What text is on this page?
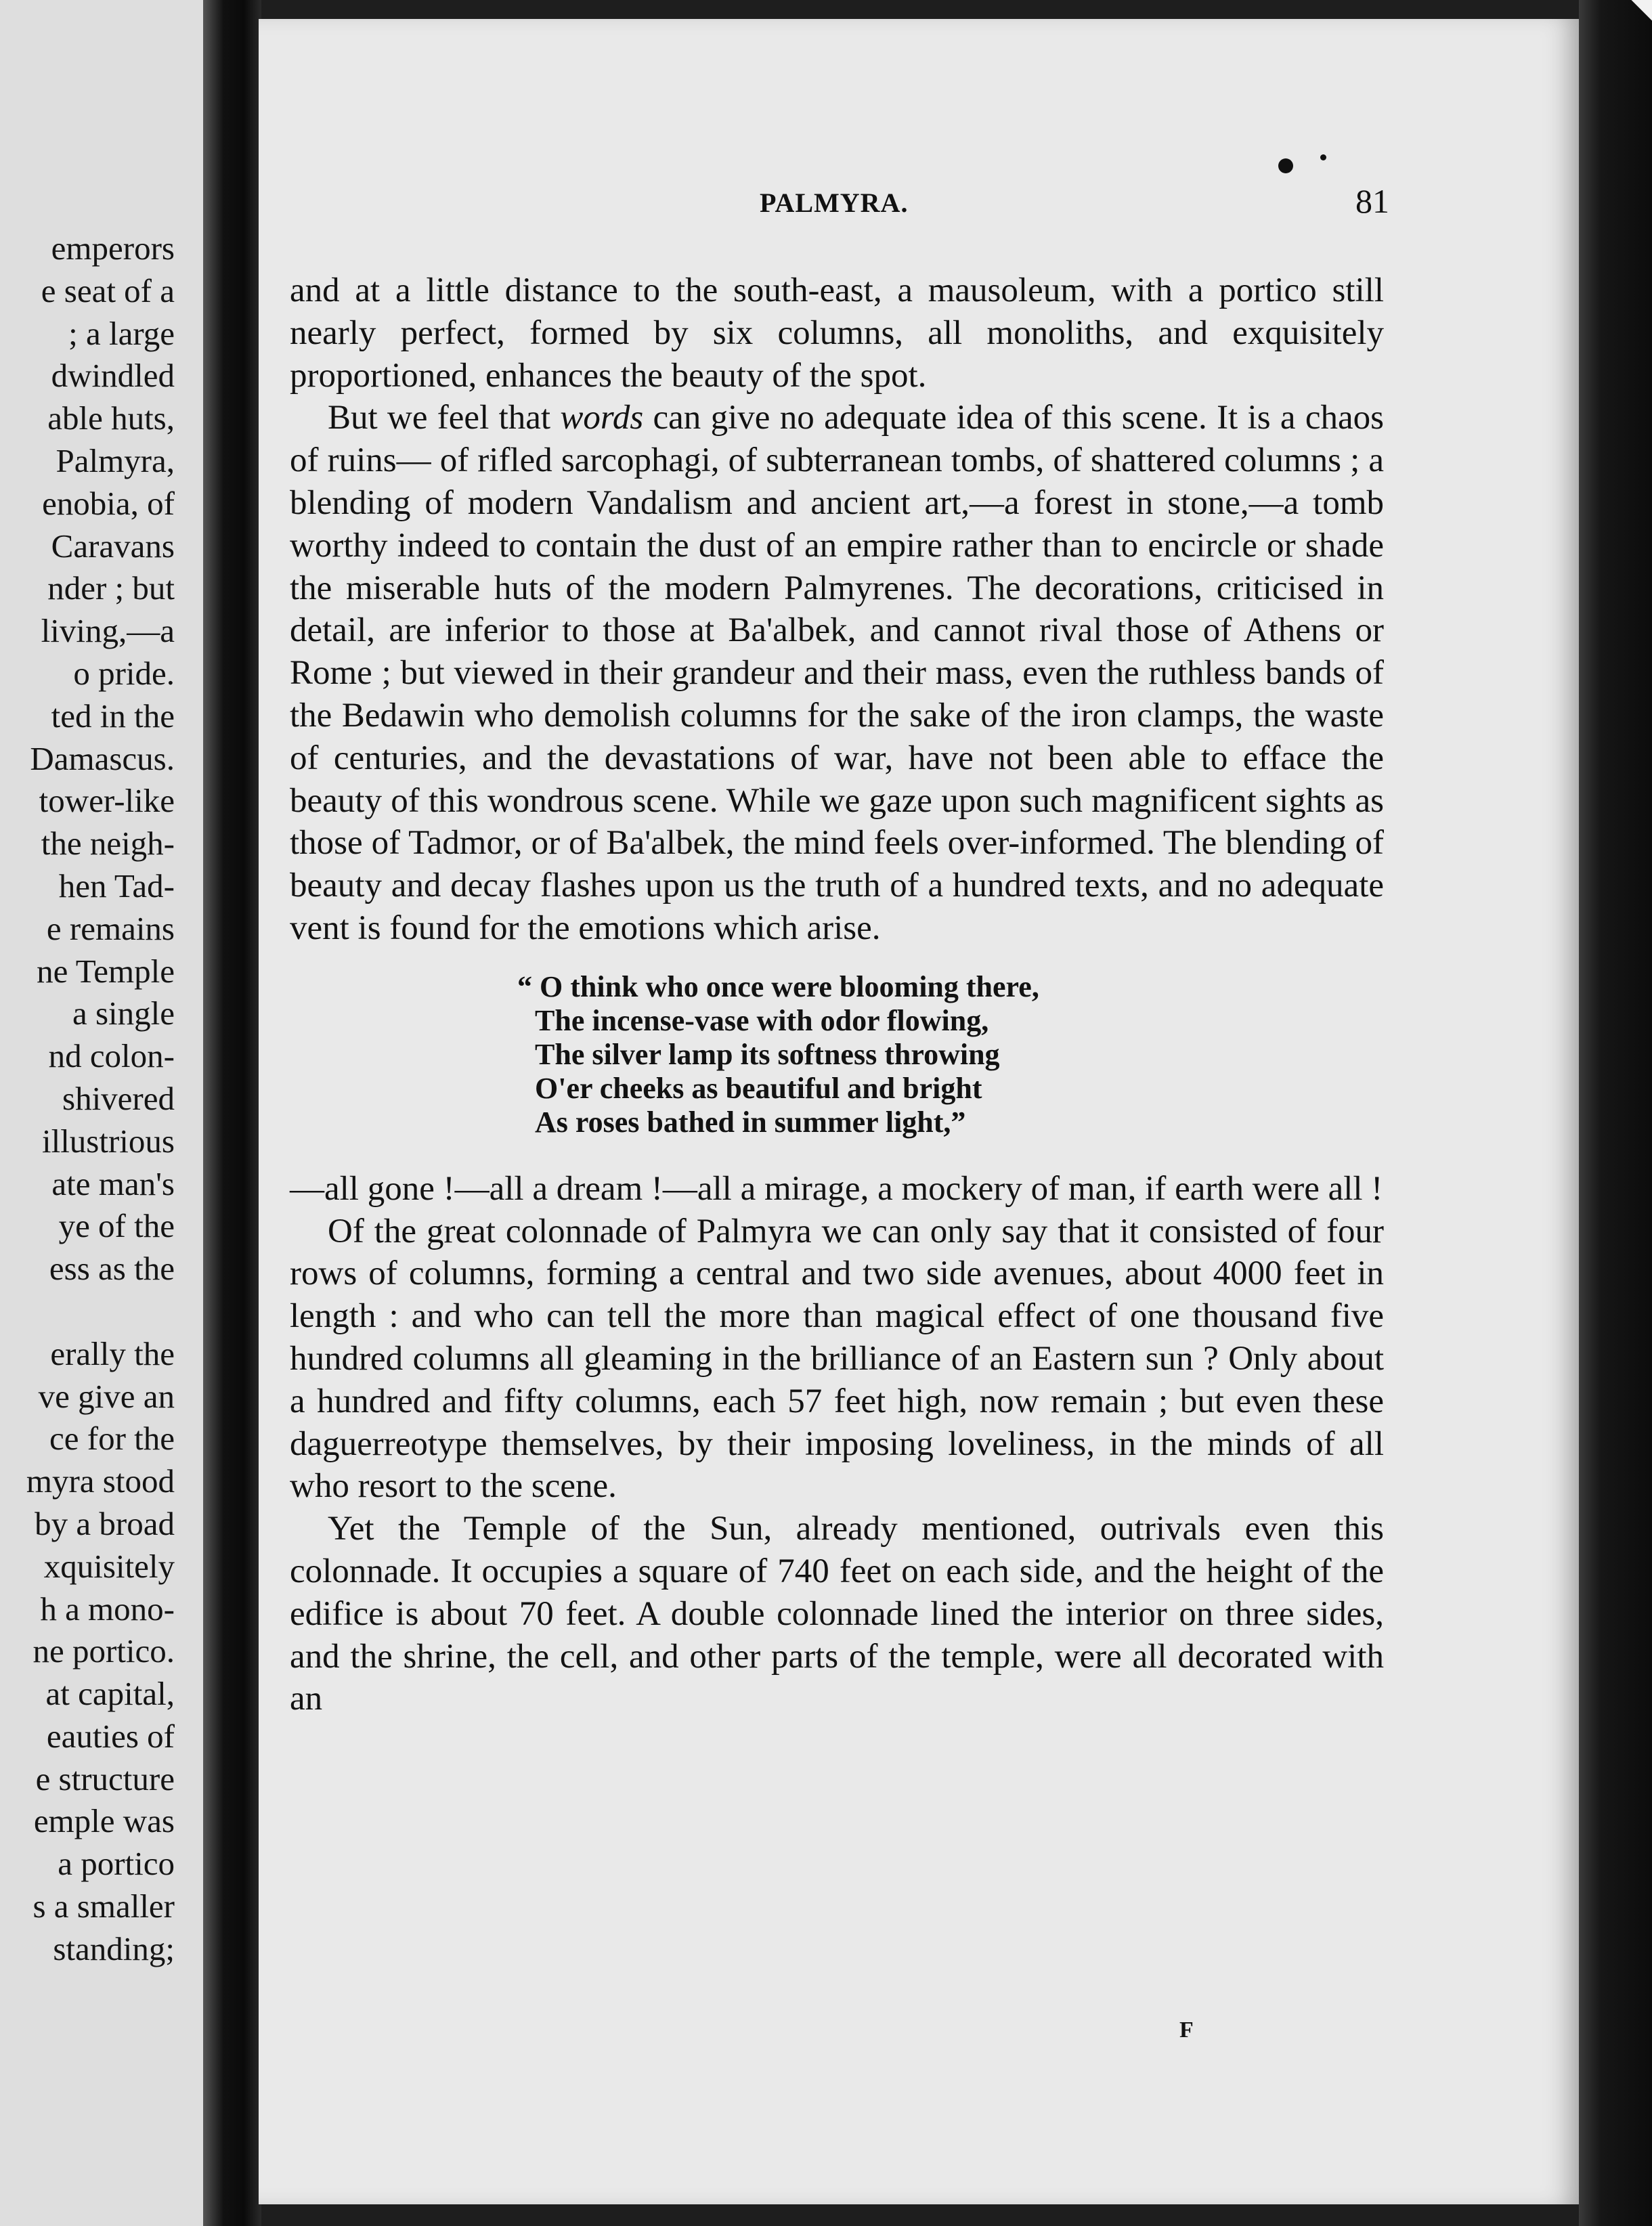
emperors
e seat of a
; a large
dwindled
able huts,
Palmyra,
enobia, of
Caravans
nder ; but
living,—a
o pride.
ted in the
Damascus.
tower-like
the neigh-
hen Tad-
e remains
ne Temple
a single
nd colon-
shivered
illustrious
ate man's
ye of the
ess as the
erally the
ve give an
ce for the
myra stood
by a broad
xquisitely
h a mono-
ne portico.
at capital,
eauties of
e structure
emple was
a portico
s a smaller
standing;
PALMYRA.	81

and at a little distance to the south-east, a mausoleum, with a portico still nearly perfect, formed by six columns, all monoliths, and exquisitely proportioned, enhances the beauty of the spot.

But we feel that words can give no adequate idea of this scene. It is a chaos of ruins— of rifled sarcophagi, of subterranean tombs, of shattered columns ; a blending of modern Vandalism and ancient art,—a forest in stone,—a tomb worthy indeed to contain the dust of an empire rather than to encircle or shade the miserable huts of the modern Palmyrenes. The decorations, criticised in detail, are inferior to those at Ba'albek, and cannot rival those of Athens or Rome ; but viewed in their grandeur and their mass, even the ruthless bands of the Bedawin who demolish columns for the sake of the iron clamps, the waste of centuries, and the devastations of war, have not been able to efface the beauty of this wondrous scene. While we gaze upon such magnificent sights as those of Tadmor, or of Ba'albek, the mind feels over-informed. The blending of beauty and decay flashes upon us the truth of a hundred texts, and no adequate vent is found for the emotions which arise.

“ O think who once were blooming there,
The incense-vase with odor flowing,
The silver lamp its softness throwing
O'er cheeks as beautiful and bright
As roses bathed in summer light,”

—all gone !—all a dream !—all a mirage, a mockery of man, if earth were all !

Of the great colonnade of Palmyra we can only say that it consisted of four rows of columns, forming a central and two side avenues, about 4000 feet in length : and who can tell the more than magical effect of one thousand five hundred columns all gleaming in the brilliance of an Eastern sun ? Only about a hundred and fifty columns, each 57 feet high, now remain ; but even these daguerreotype themselves, by their imposing loveliness, in the minds of all who resort to the scene.

Yet the Temple of the Sun, already mentioned, outrivals even this colonnade. It occupies a square of 740 feet on each side, and the height of the edifice is about 70 feet. A double colonnade lined the interior on three sides, and the shrine, the cell, and other parts of the temple, were all decorated with an

F
